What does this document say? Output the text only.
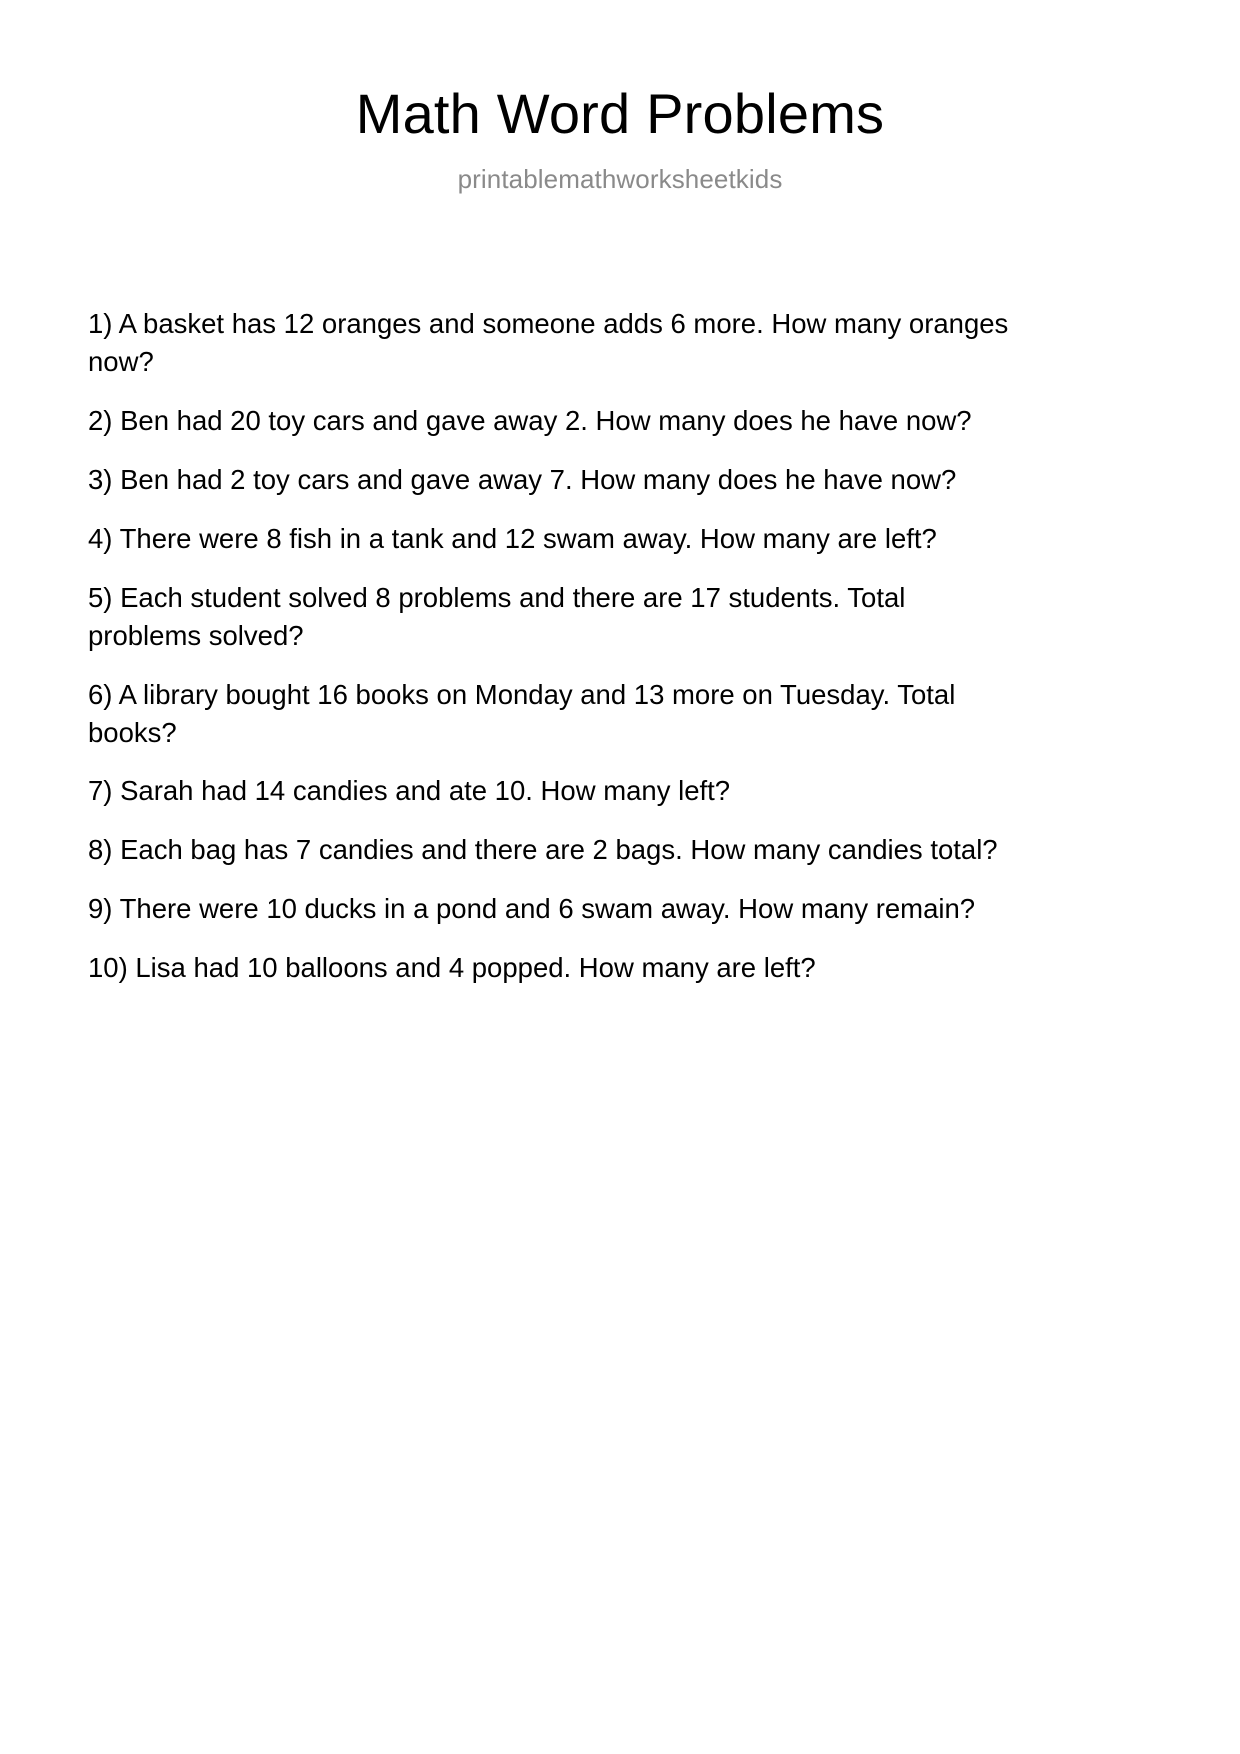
Math Word Problems
printablemathworksheetkids
1) A basket has 12 oranges and someone adds 6 more. How many oranges now?
2) Ben had 20 toy cars and gave away 2. How many does he have now?
3) Ben had 2 toy cars and gave away 7. How many does he have now?
4) There were 8 fish in a tank and 12 swam away. How many are left?
5) Each student solved 8 problems and there are 17 students. Total problems solved?
6) A library bought 16 books on Monday and 13 more on Tuesday. Total books?
7) Sarah had 14 candies and ate 10. How many left?
8) Each bag has 7 candies and there are 2 bags. How many candies total?
9) There were 10 ducks in a pond and 6 swam away. How many remain?
10) Lisa had 10 balloons and 4 popped. How many are left?
